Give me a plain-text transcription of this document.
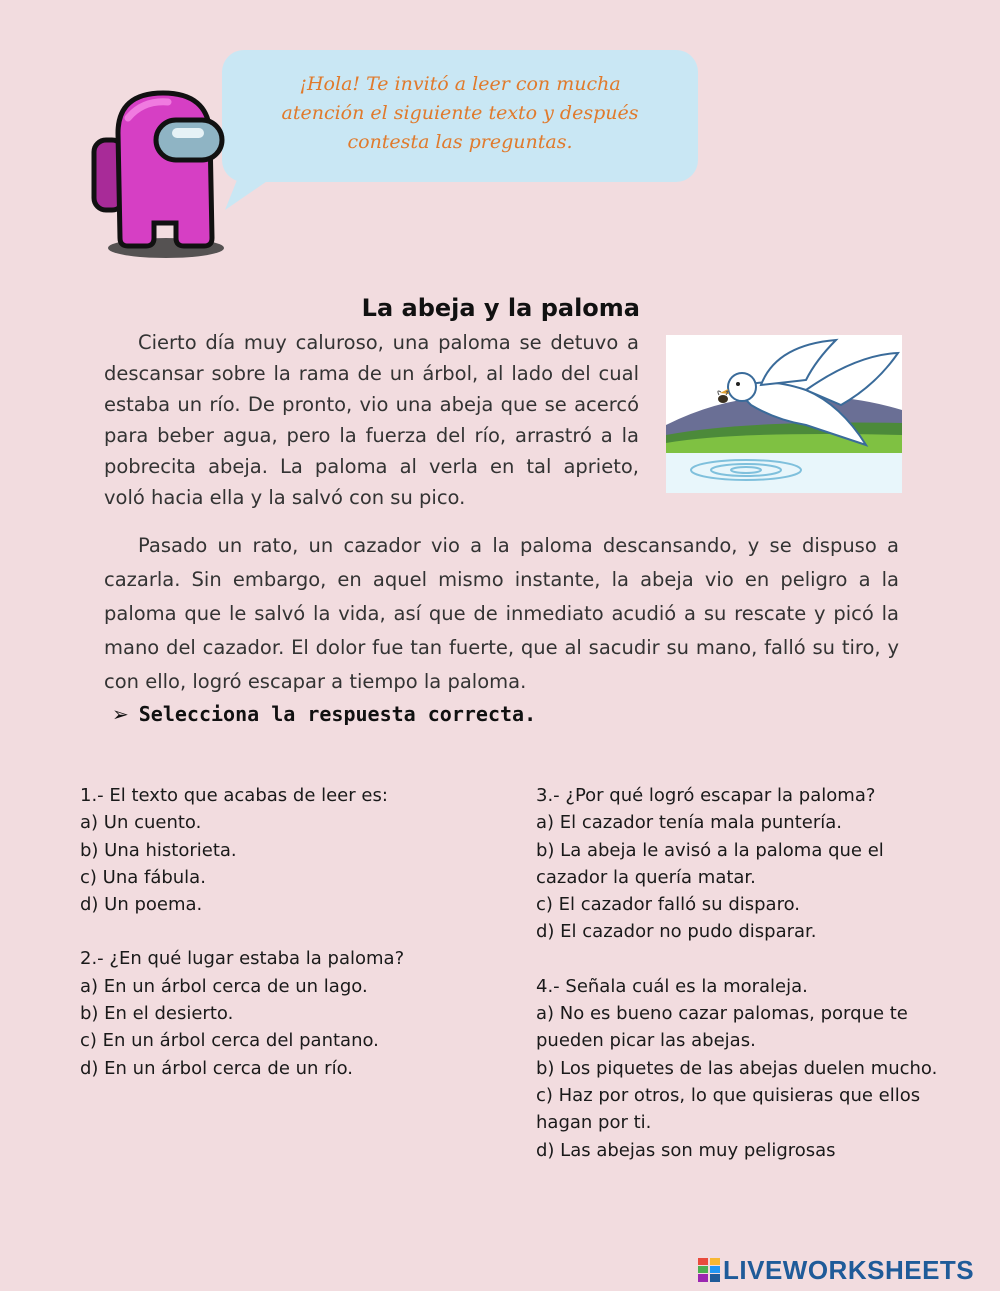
¡Hola! Te invitó a leer con mucha
atención el siguiente texto y después
contesta las preguntas.
La abeja y la paloma
Cierto día muy caluroso, una paloma se detuvo a descansar sobre la rama de un árbol, al lado del cual estaba un río. De pronto, vio una abeja que se acercó para beber agua, pero la fuerza del río, arrastró a la pobrecita abeja. La paloma al verla en tal aprieto, voló hacia ella y la salvó con su pico.
Pasado un rato, un cazador vio a la paloma descansando, y se dispuso a cazarla. Sin embargo, en aquel mismo instante, la abeja vio en peligro a la paloma que le salvó la vida, así que de inmediato acudió a su rescate y picó la mano del cazador. El dolor fue tan fuerte, que al sacudir su mano, falló su tiro, y con ello, logró escapar a tiempo la paloma.
➢ Selecciona la respuesta correcta.
1.- El texto que acabas de leer es:
a) Un cuento.
b) Una historieta.
c) Una fábula.
d) Un poema.
2.- ¿En qué lugar estaba la paloma?
a) En un árbol cerca de un lago.
b) En el desierto.
c) En un árbol cerca del pantano.
d) En un árbol cerca de un río.
3.- ¿Por qué logró escapar la paloma?
a) El cazador tenía mala puntería.
b) La abeja le avisó a la paloma que el cazador la quería matar.
c) El cazador falló su disparo.
d) El cazador no pudo disparar.
4.- Señala cuál es la moraleja.
a) No es bueno cazar palomas, porque te pueden picar las abejas.
b) Los piquetes de las abejas duelen mucho.
c) Haz por otros, lo que quisieras que ellos hagan por ti.
d) Las abejas son muy peligrosas
LIVEWORKSHEETS
